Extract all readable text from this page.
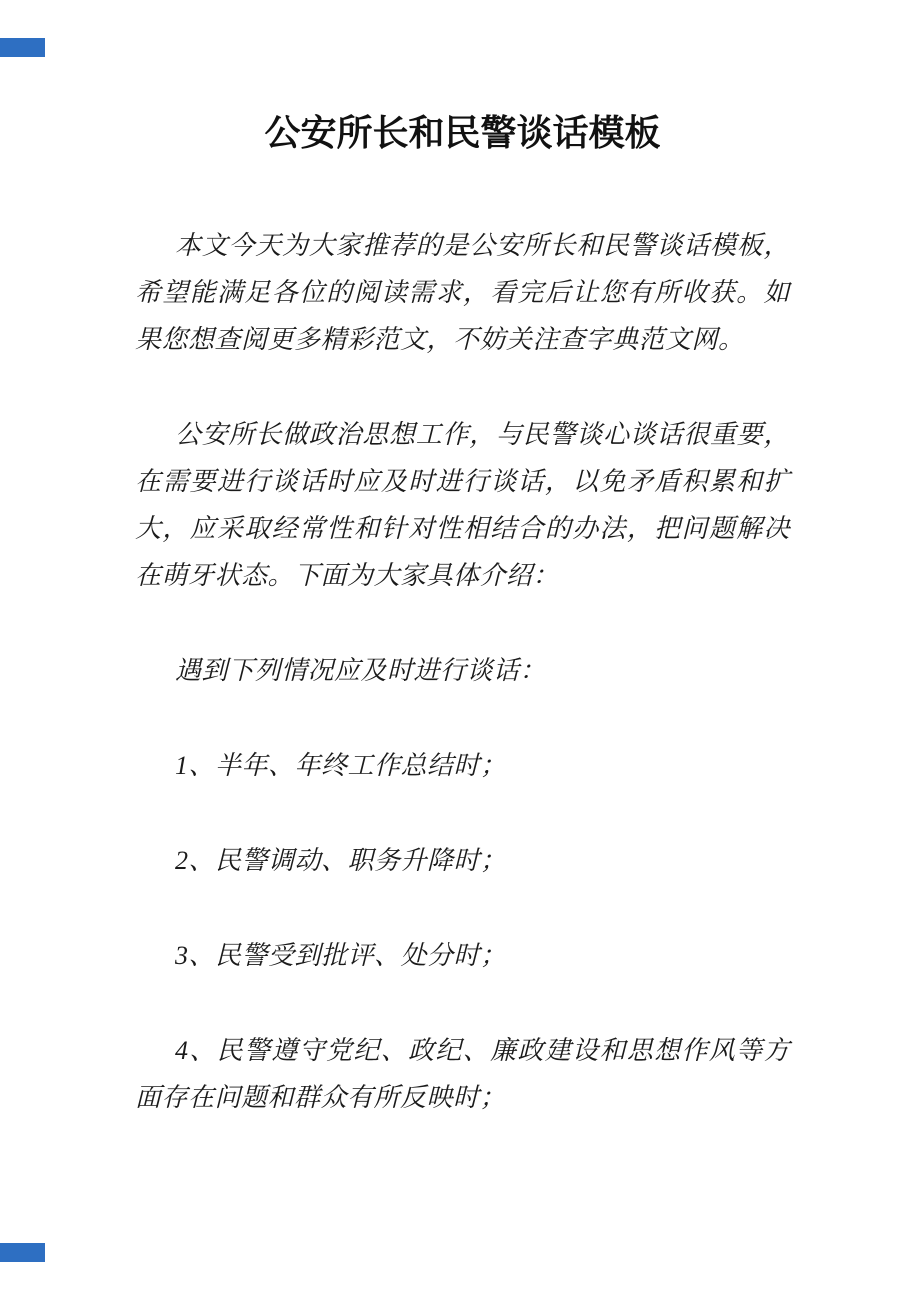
公安所长和民警谈话模板

本文今天为大家推荐的是公安所长和民警谈话模板，希望能满足各位的阅读需求，看完后让您有所收获。如果您想查阅更多精彩范文，不妨关注查字典范文网。

公安所长做政治思想工作，与民警谈心谈话很重要，在需要进行谈话时应及时进行谈话，以免矛盾积累和扩大，应采取经常性和针对性相结合的办法，把问题解决在萌牙状态。下面为大家具体介绍：

遇到下列情况应及时进行谈话：

1、半年、年终工作总结时；

2、民警调动、职务升降时；

3、民警受到批评、处分时；

4、民警遵守党纪、政纪、廉政建设和思想作风等方面存在问题和群众有所反映时；
